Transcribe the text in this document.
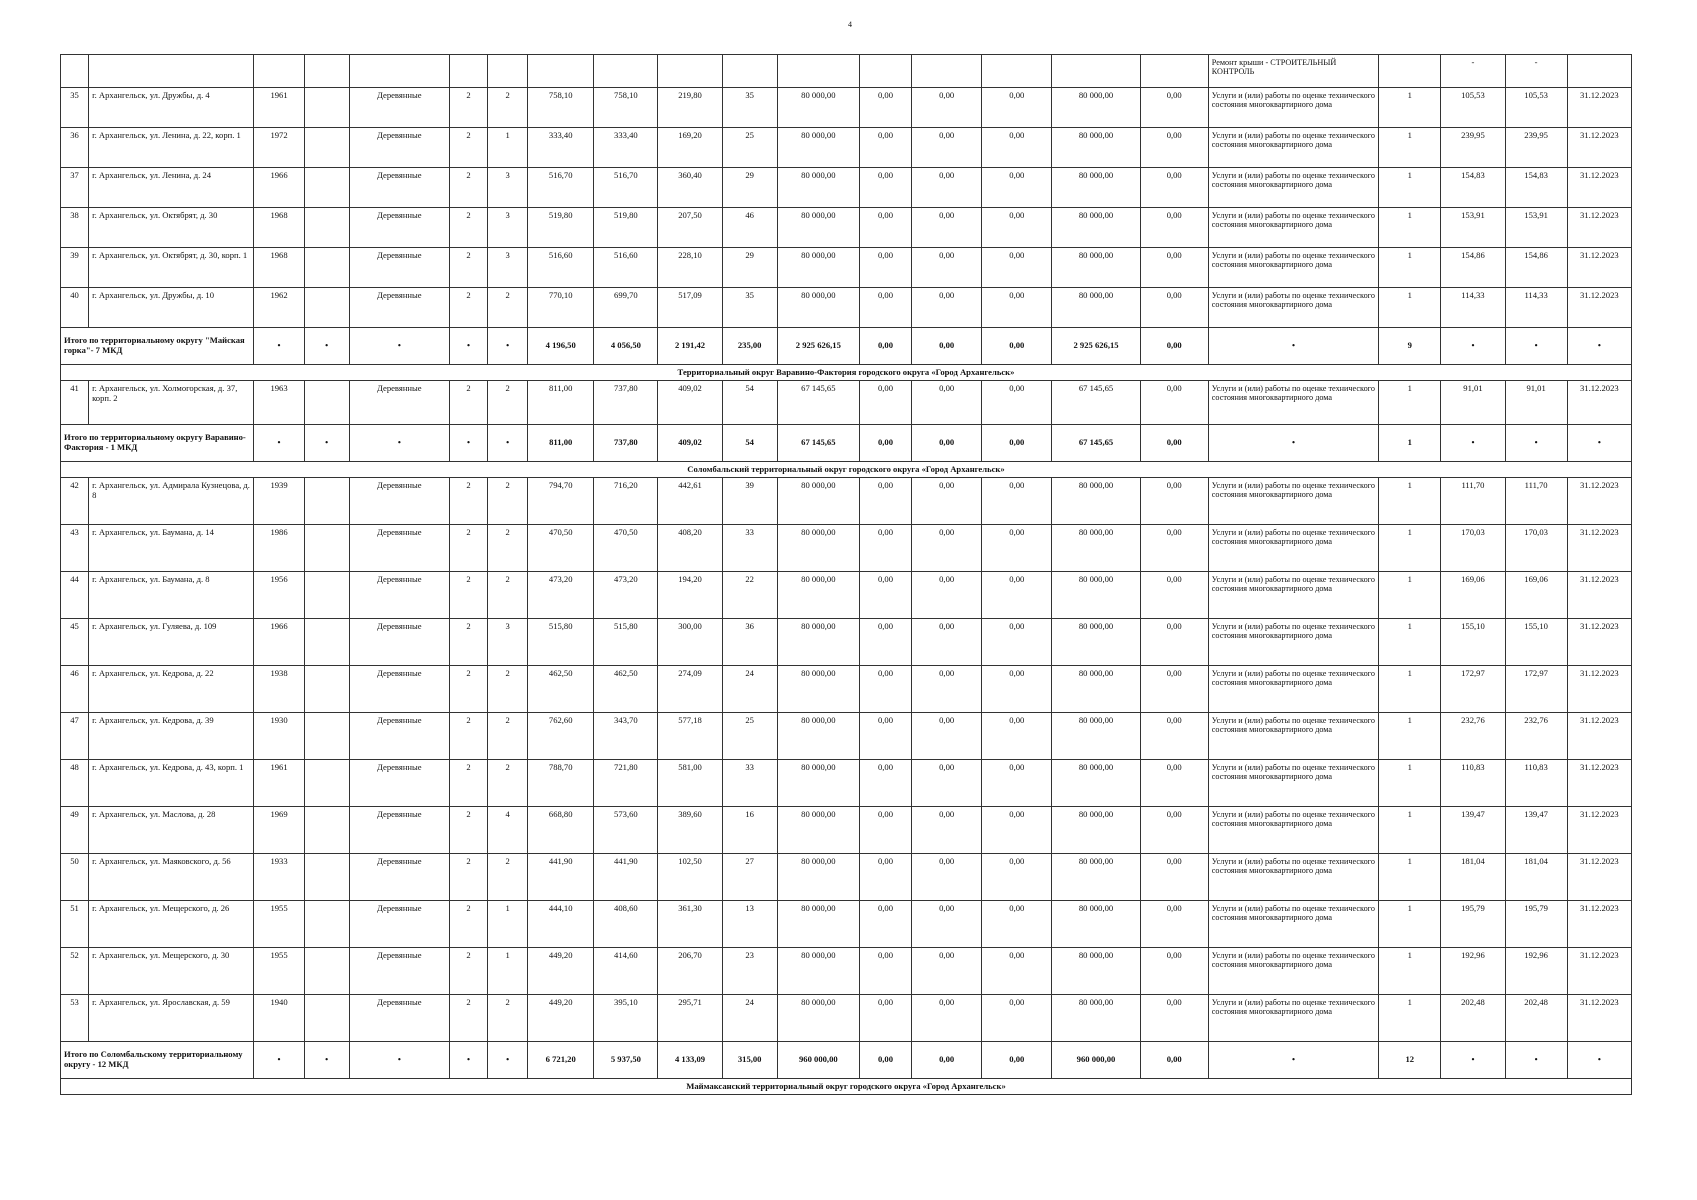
4
																	Ремонт крыши - СТРОИТЕЛЬНЫЙ КОНТРОЛЬ		-	-	
35	г. Архангельск, ул. Дружбы, д. 4	1961		Деревянные	2	2	758,10	758,10	219,80	35	80 000,00	0,00	0,00	0,00	80 000,00	0,00	Услуги и (или) работы по оценке технического состояния многоквартирного дома	1	105,53	105,53	31.12.2023
36	г. Архангельск, ул. Ленина, д. 22, корп. 1	1972		Деревянные	2	1	333,40	333,40	169,20	25	80 000,00	0,00	0,00	0,00	80 000,00	0,00	Услуги и (или) работы по оценке технического состояния многоквартирного дома	1	239,95	239,95	31.12.2023
37	г. Архангельск, ул. Ленина, д. 24	1966		Деревянные	2	3	516,70	516,70	360,40	29	80 000,00	0,00	0,00	0,00	80 000,00	0,00	Услуги и (или) работы по оценке технического состояния многоквартирного дома	1	154,83	154,83	31.12.2023
38	г. Архангельск, ул. Октябрят, д. 30	1968		Деревянные	2	3	519,80	519,80	207,50	46	80 000,00	0,00	0,00	0,00	80 000,00	0,00	Услуги и (или) работы по оценке технического состояния многоквартирного дома	1	153,91	153,91	31.12.2023
39	г. Архангельск, ул. Октябрят, д. 30, корп. 1	1968		Деревянные	2	3	516,60	516,60	228,10	29	80 000,00	0,00	0,00	0,00	80 000,00	0,00	Услуги и (или) работы по оценке технического состояния многоквартирного дома	1	154,86	154,86	31.12.2023
40	г. Архангельск, ул. Дружбы, д. 10	1962		Деревянные	2	2	770,10	699,70	517,09	35	80 000,00	0,00	0,00	0,00	80 000,00	0,00	Услуги и (или) работы по оценке технического состояния многоквартирного дома	1	114,33	114,33	31.12.2023
Итого по территориальному округу "Майская горка"- 7 МКД		•	•	•	•	•	4 196,50	4 056,50	2 191,42	235,00	2 925 626,15	0,00	0,00	0,00	2 925 626,15	0,00	•	9	•	•	•
Территориальный округ Варавино-Фактория городского округа «Город Архангельск»																					
41	г. Архангельск, ул. Холмогорская, д. 37, корп. 2	1963		Деревянные	2	2	811,00	737,80	409,02	54	67 145,65	0,00	0,00	0,00	67 145,65	0,00	Услуги и (или) работы по оценке технического состояния многоквартирного дома	1	91,01	91,01	31.12.2023
Итого по территориальному округу Варавино-Фактория - 1 МКД		•	•	•	•	•	811,00	737,80	409,02	54	67 145,65	0,00	0,00	0,00	67 145,65	0,00	•	1	•	•	•
Соломбальский территориальный округ городского округа «Город Архангельск»																					
42	г. Архангельск, ул. Адмирала Кузнецова, д. 8	1939		Деревянные	2	2	794,70	716,20	442,61	39	80 000,00	0,00	0,00	0,00	80 000,00	0,00	Услуги и (или) работы по оценке технического состояния многоквартирного дома	1	111,70	111,70	31.12.2023
43	г. Архангельск, ул. Баумана, д. 14	1986		Деревянные	2	2	470,50	470,50	408,20	33	80 000,00	0,00	0,00	0,00	80 000,00	0,00	Услуги и (или) работы по оценке технического состояния многоквартирного дома	1	170,03	170,03	31.12.2023
44	г. Архангельск, ул. Баумана, д. 8	1956		Деревянные	2	2	473,20	473,20	194,20	22	80 000,00	0,00	0,00	0,00	80 000,00	0,00	Услуги и (или) работы по оценке технического состояния многоквартирного дома	1	169,06	169,06	31.12.2023
45	г. Архангельск, ул. Гуляева, д. 109	1966		Деревянные	2	3	515,80	515,80	300,00	36	80 000,00	0,00	0,00	0,00	80 000,00	0,00	Услуги и (или) работы по оценке технического состояния многоквартирного дома	1	155,10	155,10	31.12.2023
46	г. Архангельск, ул. Кедрова, д. 22	1938		Деревянные	2	2	462,50	462,50	274,09	24	80 000,00	0,00	0,00	0,00	80 000,00	0,00	Услуги и (или) работы по оценке технического состояния многоквартирного дома	1	172,97	172,97	31.12.2023
47	г. Архангельск, ул. Кедрова, д. 39	1930		Деревянные	2	2	762,60	343,70	577,18	25	80 000,00	0,00	0,00	0,00	80 000,00	0,00	Услуги и (или) работы по оценке технического состояния многоквартирного дома	1	232,76	232,76	31.12.2023
48	г. Архангельск, ул. Кедрова, д. 43, корп. 1	1961		Деревянные	2	2	788,70	721,80	581,00	33	80 000,00	0,00	0,00	0,00	80 000,00	0,00	Услуги и (или) работы по оценке технического состояния многоквартирного дома	1	110,83	110,83	31.12.2023
49	г. Архангельск, ул. Маслова, д. 28	1969		Деревянные	2	4	668,80	573,60	389,60	16	80 000,00	0,00	0,00	0,00	80 000,00	0,00	Услуги и (или) работы по оценке технического состояния многоквартирного дома	1	139,47	139,47	31.12.2023
50	г. Архангельск, ул. Маяковского, д. 56	1933		Деревянные	2	2	441,90	441,90	102,50	27	80 000,00	0,00	0,00	0,00	80 000,00	0,00	Услуги и (или) работы по оценке технического состояния многоквартирного дома	1	181,04	181,04	31.12.2023
51	г. Архангельск, ул. Мещерского, д. 26	1955		Деревянные	2	1	444,10	408,60	361,30	13	80 000,00	0,00	0,00	0,00	80 000,00	0,00	Услуги и (или) работы по оценке технического состояния многоквартирного дома	1	195,79	195,79	31.12.2023
52	г. Архангельск, ул. Мещерского, д. 30	1955		Деревянные	2	1	449,20	414,60	206,70	23	80 000,00	0,00	0,00	0,00	80 000,00	0,00	Услуги и (или) работы по оценке технического состояния многоквартирного дома	1	192,96	192,96	31.12.2023
53	г. Архангельск, ул. Ярославская, д. 59	1940		Деревянные	2	2	449,20	395,10	295,71	24	80 000,00	0,00	0,00	0,00	80 000,00	0,00	Услуги и (или) работы по оценке технического состояния многоквартирного дома	1	202,48	202,48	31.12.2023
Итого по Соломбальскому территориальному округу - 12 МКД		•	•	•	•	•	6 721,20	5 937,50	4 133,09	315,00	960 000,00	0,00	0,00	0,00	960 000,00	0,00	•	12	•	•	•
Маймаксанский территориальный округ городского округа «Город Архангельск»																					
